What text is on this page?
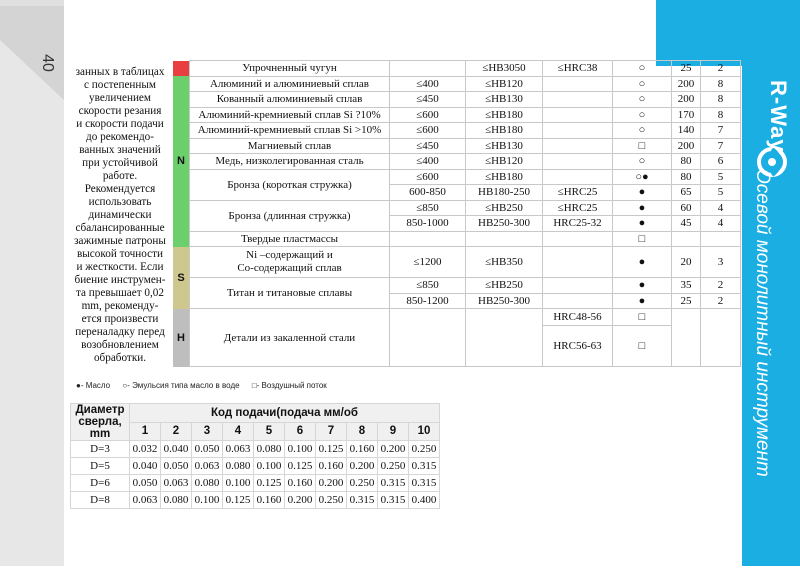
40
R-Way
Осевой монолитный инструмент

занных в таблицах

с постепенным

увеличением

скорости резания

и скорости подачи

до рекомендо-

ванных значений

при устойчивой

работе.

Рекомендуется

использовать

динамически

сбалансированные

зажимные патроны

высокой точности

и жесткости. Если

биение инструмен-

та превышает 0,02

mm, рекоменду-

ется произвести

переналадку перед

возобновлением

обработки.

	Упрочненный чугун		≤HB3050	≤HRC38	○	25	2
N	Алюминий и алюминиевый сплав	≤400	≤HB120		○	200	8
	Кованный алюминиевый сплав	≤450	≤HB130		○	200	8
	Алюминий-кремниевый сплав Si ?10%	≤600	≤HB180		○	170	8
	Алюминий-кремниевый сплав Si >10%	≤600	≤HB180		○	140	7
	Магниевый сплав	≤450	≤HB130		□	200	7
	Медь, низколегированная сталь	≤400	≤HB120		○	80	6
	Бронза (короткая стружка)	≤600	≤HB180		○●	80	5
		600-850	HB180-250	≤HRC25	●	65	5
	Бронза (длинная стружка)	≤850	≤HB250	≤HRC25	●	60	4
		850-1000	HB250-300	HRC25-32	●	45	4
	Твердые пластмассы				□		
S	Ni –содержащий и
Co-содержащий сплав	≤1200	≤HB350		●	20	3

	Титан и титановые сплавы	≤850	≤HB250		●	35	2
		850-1200	HB250-300		●	25	2
H	Детали из закаленной стали			HRC48-56	□		
				HRC56-63	□		
●- Масло ○- Эмульсия типа масло в воде □- Воздушный поток
Диаметр
сверла,
mm	Код подачи(подача мм/об									
	1	2	3	4	5	6	7	8	9	10
D=3	0.032	0.040	0.050	0.063	0.080	0.100	0.125	0.160	0.200	0.250
D=5	0.040	0.050	0.063	0.080	0.100	0.125	0.160	0.200	0.250	0.315
D=6	0.050	0.063	0.080	0.100	0.125	0.160	0.200	0.250	0.315	0.315
D=8	0.063	0.080	0.100	0.125	0.160	0.200	0.250	0.315	0.315	0.400
